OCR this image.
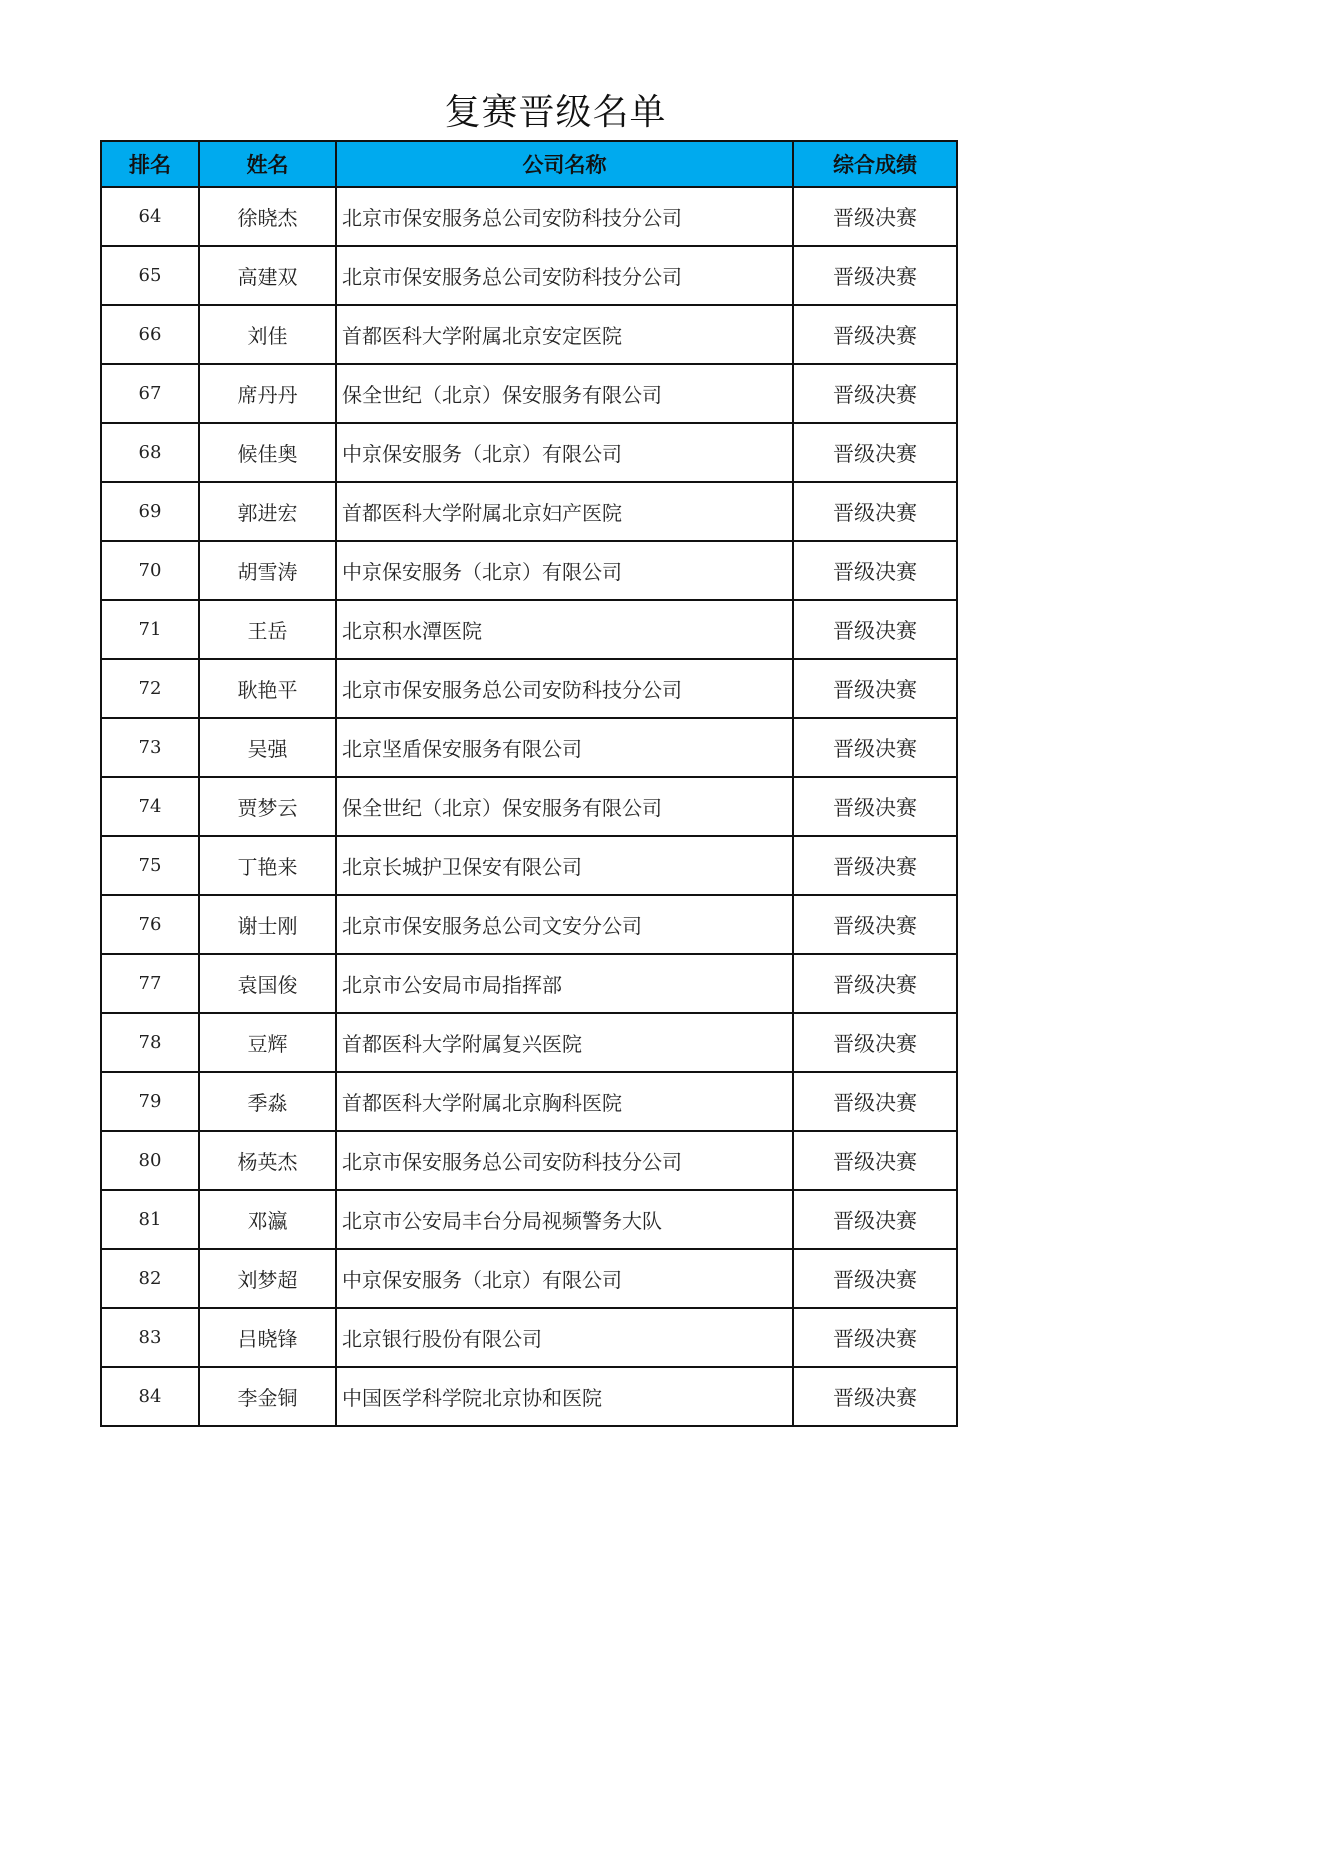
复赛晋级名单
排名	姓名	公司名称	综合成绩
64	徐晓杰	北京市保安服务总公司安防科技分公司	晋级决赛
65	高建双	北京市保安服务总公司安防科技分公司	晋级决赛
66	刘佳	首都医科大学附属北京安定医院	晋级决赛
67	席丹丹	保全世纪（北京）保安服务有限公司	晋级决赛
68	候佳奥	中京保安服务（北京）有限公司	晋级决赛
69	郭进宏	首都医科大学附属北京妇产医院	晋级决赛
70	胡雪涛	中京保安服务（北京）有限公司	晋级决赛
71	王岳	北京积水潭医院	晋级决赛
72	耿艳平	北京市保安服务总公司安防科技分公司	晋级决赛
73	吴强	北京坚盾保安服务有限公司	晋级决赛
74	贾梦云	保全世纪（北京）保安服务有限公司	晋级决赛
75	丁艳来	北京长城护卫保安有限公司	晋级决赛
76	谢士刚	北京市保安服务总公司文安分公司	晋级决赛
77	袁国俊	北京市公安局市局指挥部	晋级决赛
78	豆辉	首都医科大学附属复兴医院	晋级决赛
79	季淼	首都医科大学附属北京胸科医院	晋级决赛
80	杨英杰	北京市保安服务总公司安防科技分公司	晋级决赛
81	邓瀛	北京市公安局丰台分局视频警务大队	晋级决赛
82	刘梦超	中京保安服务（北京）有限公司	晋级决赛
83	吕晓锋	北京银行股份有限公司	晋级决赛
84	李金铜	中国医学科学院北京协和医院	晋级决赛
